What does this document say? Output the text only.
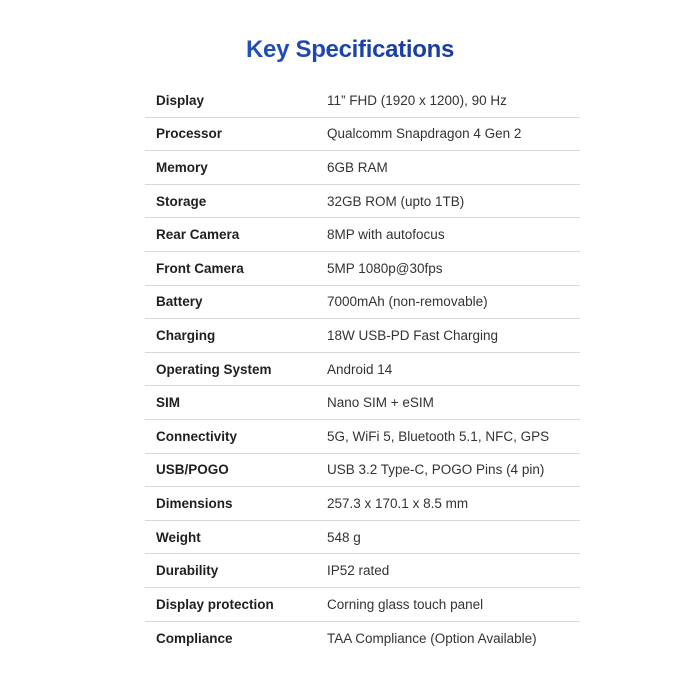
Key Specifications
Display	11” FHD (1920 x 1200), 90 Hz
Processor	Qualcomm Snapdragon 4 Gen 2
Memory	6GB RAM
Storage	32GB ROM (upto 1TB)
Rear Camera	8MP with autofocus
Front Camera	5MP 1080p@30fps
Battery	7000mAh (non-removable)
Charging	18W USB-PD Fast Charging
Operating System	Android 14
SIM	Nano SIM + eSIM
Connectivity	5G, WiFi 5, Bluetooth 5.1, NFC, GPS
USB/POGO	USB 3.2 Type-C, POGO Pins (4 pin)
Dimensions	257.3 x 170.1 x 8.5 mm
Weight	548 g
Durability	IP52 rated
Display protection	Corning glass touch panel
Compliance	TAA Compliance (Option Available)
